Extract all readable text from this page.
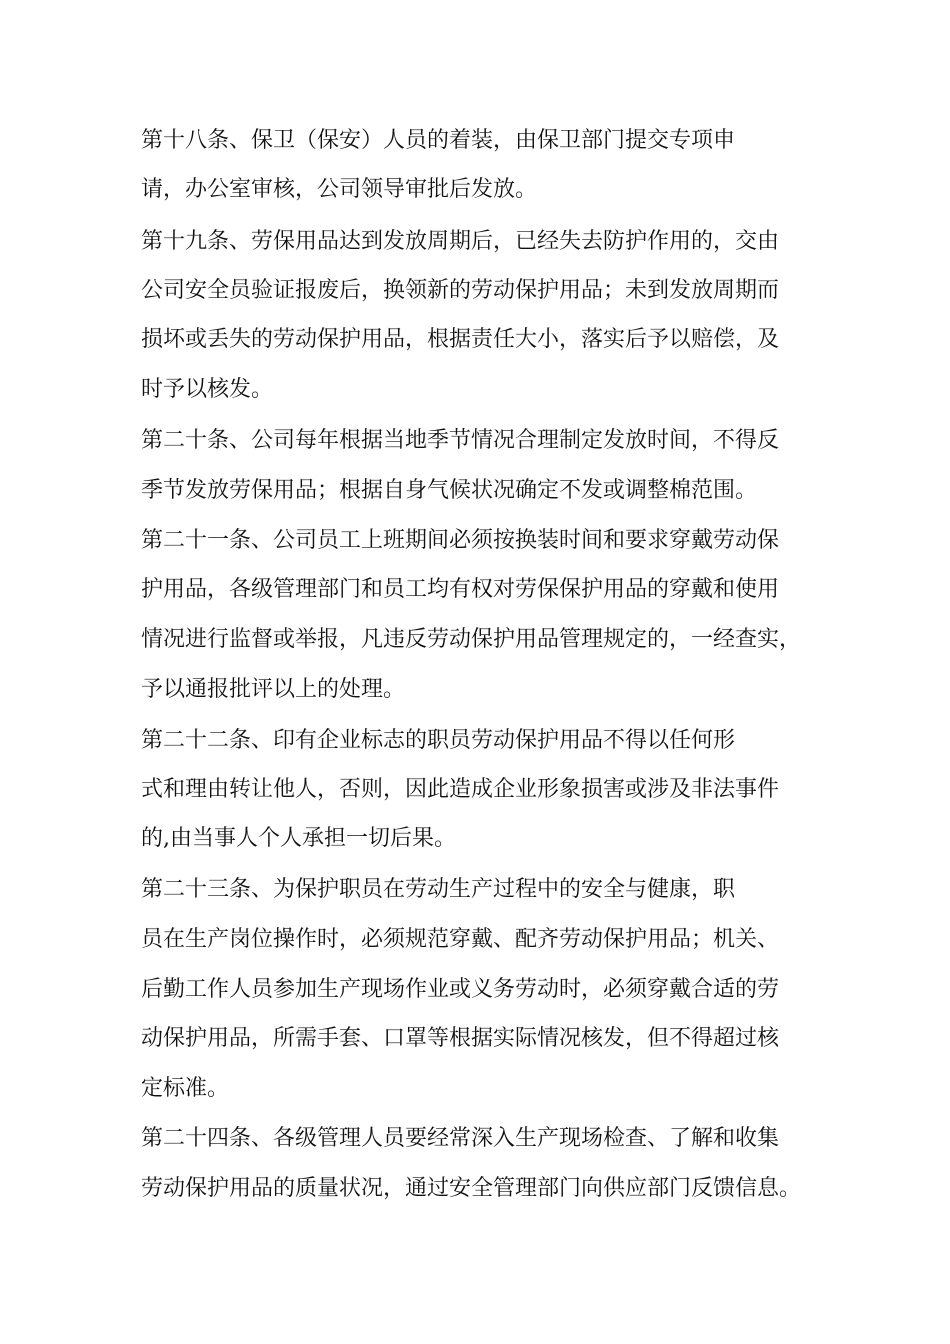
第十八条、保卫（保安）人员的着装，由保卫部门提交专项申
请，办公室审核，公司领导审批后发放。
第十九条、劳保用品达到发放周期后，已经失去防护作用的，交由
公司安全员验证报废后，换领新的劳动保护用品；未到发放周期而
损坏或丢失的劳动保护用品，根据责任大小，落实后予以赔偿，及
时予以核发。
第二十条、公司每年根据当地季节情况合理制定发放时间，不得反
季节发放劳保用品；根据自身气候状况确定不发或调整棉范围。
第二十一条、公司员工上班期间必须按换装时间和要求穿戴劳动保
护用品，各级管理部门和员工均有权对劳保保护用品的穿戴和使用
情况进行监督或举报，凡违反劳动保护用品管理规定的，一经查实，
予以通报批评以上的处理。
第二十二条、印有企业标志的职员劳动保护用品不得以任何形
式和理由转让他人，否则，因此造成企业形象损害或涉及非法事件
的,由当事人个人承担一切后果。
第二十三条、为保护职员在劳动生产过程中的安全与健康，职
员在生产岗位操作时，必须规范穿戴、配齐劳动保护用品；机关、
后勤工作人员参加生产现场作业或义务劳动时，必须穿戴合适的劳
动保护用品，所需手套、口罩等根据实际情况核发，但不得超过核
定标准。
第二十四条、各级管理人员要经常深入生产现场检查、了解和收集
劳动保护用品的质量状况，通过安全管理部门向供应部门反馈信息。
